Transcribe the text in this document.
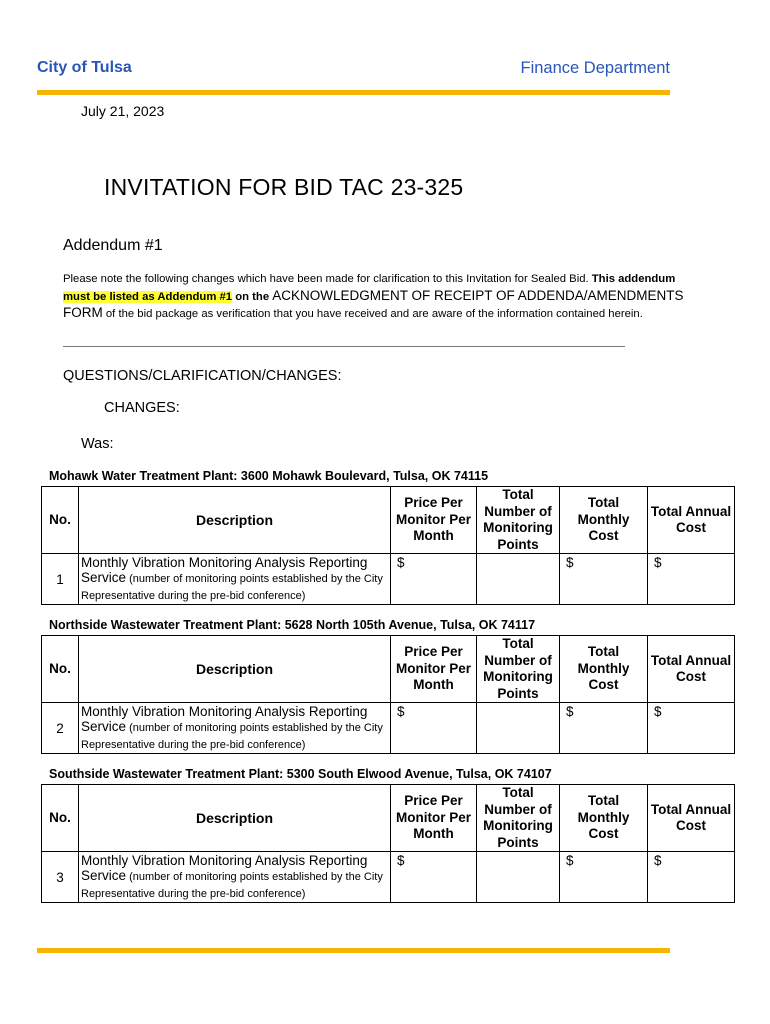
City of Tulsa	Finance Department
July 21, 2023
INVITATION FOR BID TAC 23-325
Addendum #1
Please note the following changes which have been made for clarification to this Invitation for Sealed Bid. This addendum must be listed as Addendum #1 on the ACKNOWLEDGMENT OF RECEIPT OF ADDENDA/AMENDMENTS FORM of the bid package as verification that you have received and are aware of the information contained herein.
QUESTIONS/CLARIFICATION/CHANGES:
CHANGES:
Was:
Mohawk Water Treatment Plant: 3600 Mohawk Boulevard, Tulsa, OK 74115
No.	Description	Price Per Monitor Per Month	Total Number of Monitoring Points	Total Monthly Cost	Total Annual Cost
1	Monthly Vibration Monitoring Analysis Reporting Service (number of monitoring points established by the City Representative during the pre-bid conference)	$		$	$
Northside Wastewater Treatment Plant: 5628 North 105th Avenue, Tulsa, OK 74117
No.	Description	Price Per Monitor Per Month	Total Number of Monitoring Points	Total Monthly Cost	Total Annual Cost
2	Monthly Vibration Monitoring Analysis Reporting Service (number of monitoring points established by the City Representative during the pre-bid conference)	$		$	$
Southside Wastewater Treatment Plant: 5300 South Elwood Avenue, Tulsa, OK 74107
No.	Description	Price Per Monitor Per Month	Total Number of Monitoring Points	Total Monthly Cost	Total Annual Cost
3	Monthly Vibration Monitoring Analysis Reporting Service (number of monitoring points established by the City Representative during the pre-bid conference)	$		$	$
